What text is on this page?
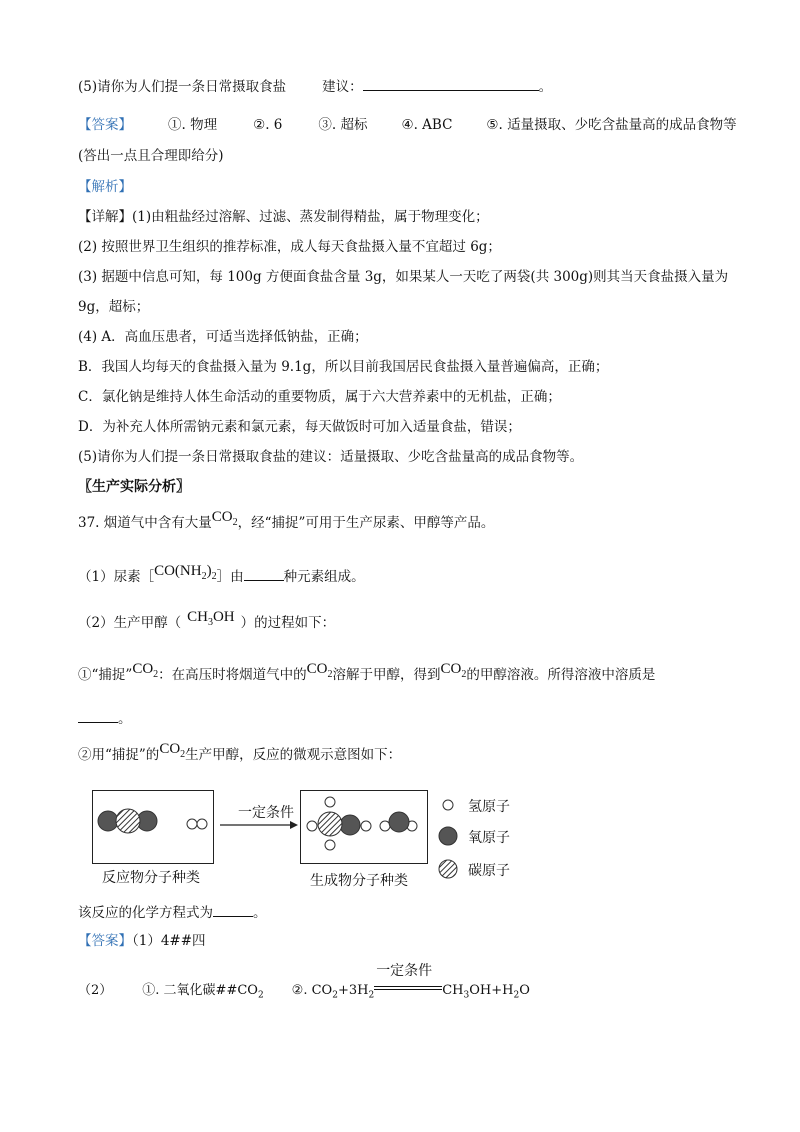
(5)请你为人们提一条日常摄取食盐	建议：	。
【答案】	①. 物理	②. 6	③. 超标	④. ABC	⑤. 适量摄取、少吃含盐量高的成品食物等
(答出一点且合理即给分)
【解析】
【详解】(1)由粗盐经过溶解、过滤、蒸发制得精盐，属于物理变化；
(2) 按照世界卫生组织的推荐标准，成人每天食盐摄入量不宜超过 6g；
(3) 据题中信息可知，每 100g 方便面食盐含量 3g，如果某人一天吃了两袋(共 300g)则其当天食盐摄入量为
9g，超标；
(4) A．高血压患者，可适当选择低钠盐，正确；
B．我国人均每天的食盐摄入量为 9.1g，所以目前我国居民食盐摄入量普遍偏高，正确；
C．氯化钠是维持人体生命活动的重要物质，属于六大营养素中的无机盐，正确；
D．为补充人体所需钠元素和氯元素，每天做饭时可加入适量食盐，错误；
(5)请你为人们提一条日常摄取食盐的建议：适量摄取、少吃含盐量高的成品食物等。
〖生产实际分析〗
37. 烟道气中含有大量$CO_2$，经“捕捉”可用于生产尿素、甲醇等产品。
（1）尿素$[CO(NH_2)_2]$由	种元素组成。
（2）生产甲醇（ $CH_3OH$ ）的过程如下：
①“捕捉$”CO_2$：在高压时将烟道气中的$CO_2$溶解于甲醇，得到$CO_2$的甲醇溶液。所得溶液中溶质是
。
②用“捕捉”的$CO_2$生产甲醇，反应的微观示意图如下：
一定条件
反应物分子种类	生成物分子种类
氢原子
氧原子
碳原子
该反应的化学方程式为	。
【答案】（1）4##四
（2） ①. 二氧化碳$\#\#CO_2$ ②. $CO_2+3H_2$
一定条件
$CH_3OH+H_2O$
